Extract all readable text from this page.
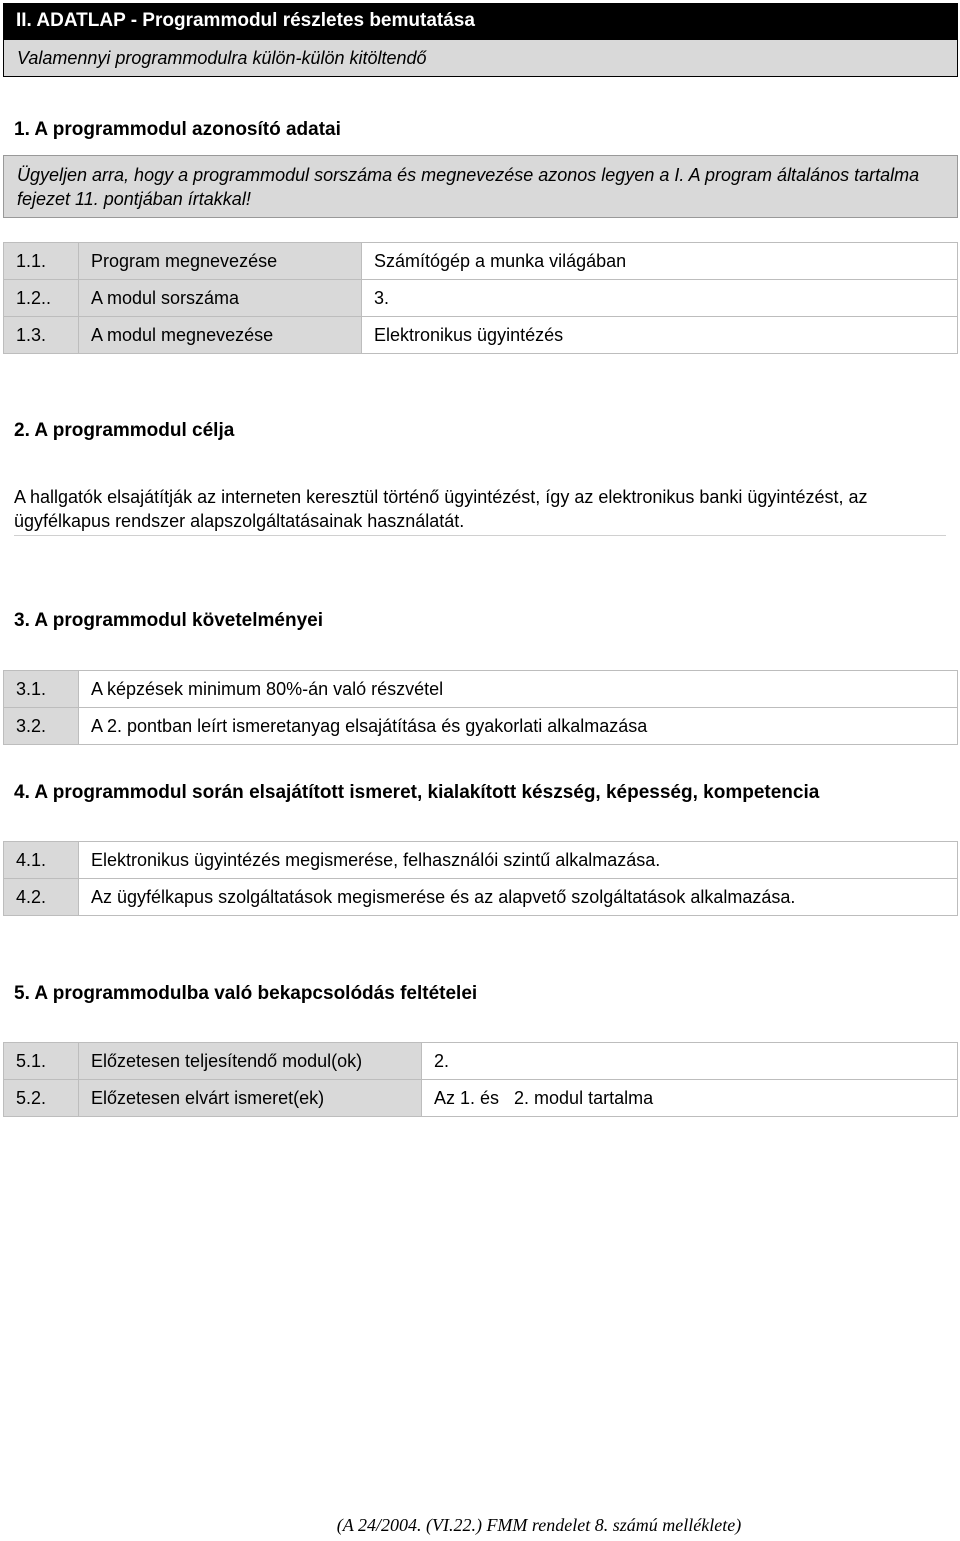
II. ADATLAP - Programmodul részletes bemutatása
Valamennyi programmodulra külön-külön kitöltendő
1. A programmodul azonosító adatai
Ügyeljen arra, hogy a programmodul sorszáma és megnevezése azonos legyen a I. A program általános tartalma fejezet 11. pontjában írtakkal!
1.1.	Program megnevezése	Számítógép a munka világában
1.2..	A modul sorszáma	3.
1.3.	A modul megnevezése	Elektronikus ügyintézés
2. A programmodul célja
A hallgatók elsajátítják az interneten keresztül történő ügyintézést, így az elektronikus banki ügyintézést, az ügyfélkapus rendszer alapszolgáltatásainak használatát.
3. A programmodul követelményei
3.1.	A képzések minimum 80%-án való részvétel
3.2.	A 2. pontban leírt ismeretanyag elsajátítása és gyakorlati alkalmazása
4. A programmodul során elsajátított ismeret, kialakított készség, képesség, kompetencia
4.1.	Elektronikus ügyintézés megismerése, felhasználói szintű alkalmazása.
4.2.	Az ügyfélkapus szolgáltatások megismerése és az alapvető szolgáltatások alkalmazása.
5. A programmodulba való bekapcsolódás feltételei
5.1.	Előzetesen teljesítendő modul(ok)	2.
5.2.	Előzetesen elvárt ismeret(ek)	Az 1. és   2. modul tartalma
(A 24/2004. (VI.22.) FMM rendelet 8. számú melléklete)
